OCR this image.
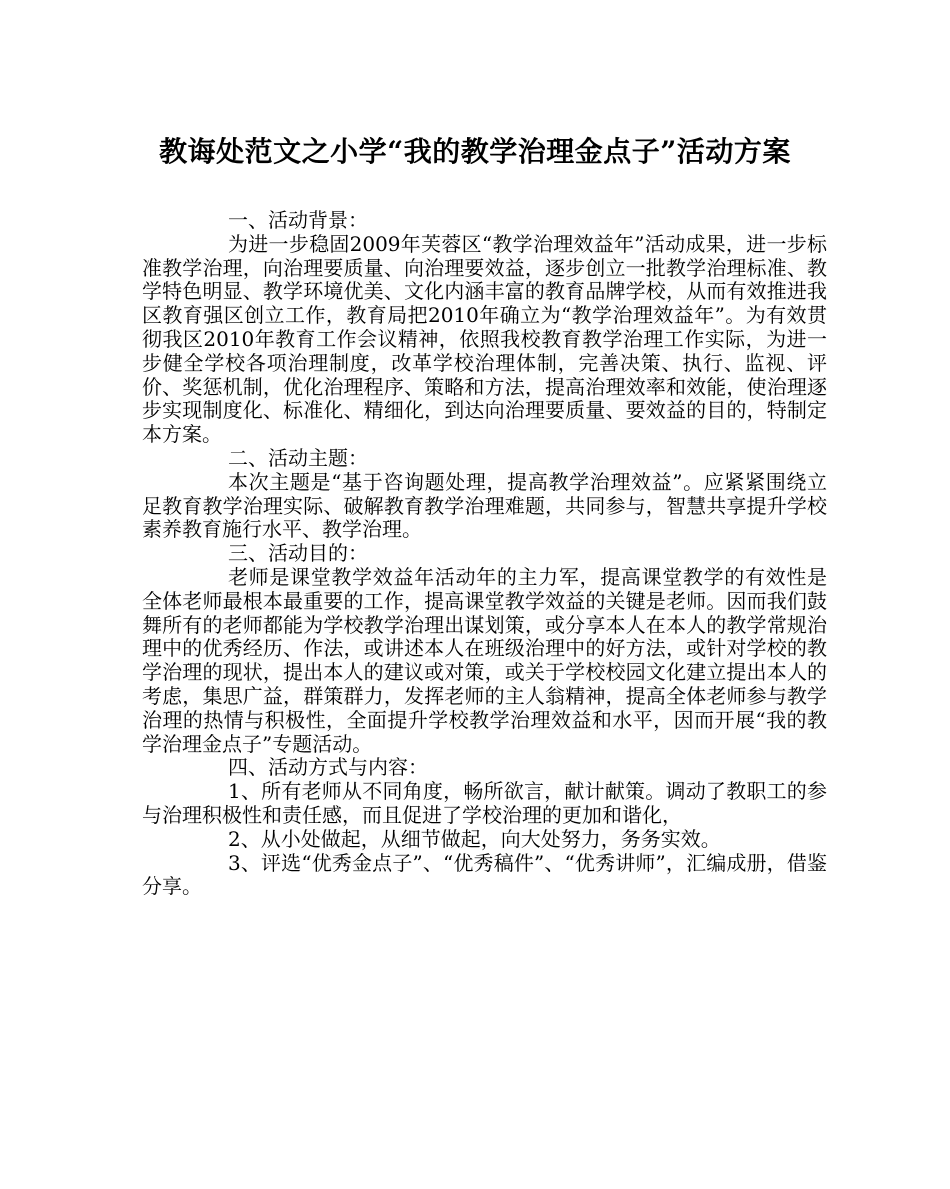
教诲处范文之小学“我的教学治理金点子”活动方案

一、活动背景：

为进一步稳固2009年芙蓉区“教学治理效益年”活动成果，进一步标准教学治理，向治理要质量、向治理要效益，逐步创立一批教学治理标准、教学特色明显、教学环境优美、文化内涵丰富的教育品牌学校，从而有效推进我区教育强区创立工作，教育局把2010年确立为“教学治理效益年”。为有效贯彻我区2010年教育工作会议精神，依照我校教育教学治理工作实际，为进一步健全学校各项治理制度，改革学校治理体制，完善决策、执行、监视、评价、奖惩机制，优化治理程序、策略和方法，提高治理效率和效能，使治理逐步实现制度化、标准化、精细化，到达向治理要质量、要效益的目的，特制定本方案。

二、活动主题：

本次主题是“基于咨询题处理，提高教学治理效益”。应紧紧围绕立足教育教学治理实际、破解教育教学治理难题，共同参与，智慧共享提升学校素养教育施行水平、教学治理。

三、活动目的：

老师是课堂教学效益年活动年的主力军，提高课堂教学的有效性是全体老师最根本最重要的工作，提高课堂教学效益的关键是老师。因而我们鼓舞所有的老师都能为学校教学治理出谋划策，或分享本人在本人的教学常规治理中的优秀经历、作法，或讲述本人在班级治理中的好方法，或针对学校的教学治理的现状，提出本人的建议或对策，或关于学校校园文化建立提出本人的考虑，集思广益，群策群力，发挥老师的主人翁精神，提高全体老师参与教学治理的热情与积极性，全面提升学校教学治理效益和水平，因而开展“我的教学治理金点子”专题活动。

四、活动方式与内容：

1、所有老师从不同角度，畅所欲言，献计献策。调动了教职工的参与治理积极性和责任感，而且促进了学校治理的更加和谐化，

2、从小处做起，从细节做起，向大处努力，务务实效。

3、评选“优秀金点子”、“优秀稿件”、“优秀讲师”，汇编成册，借鉴分享。
